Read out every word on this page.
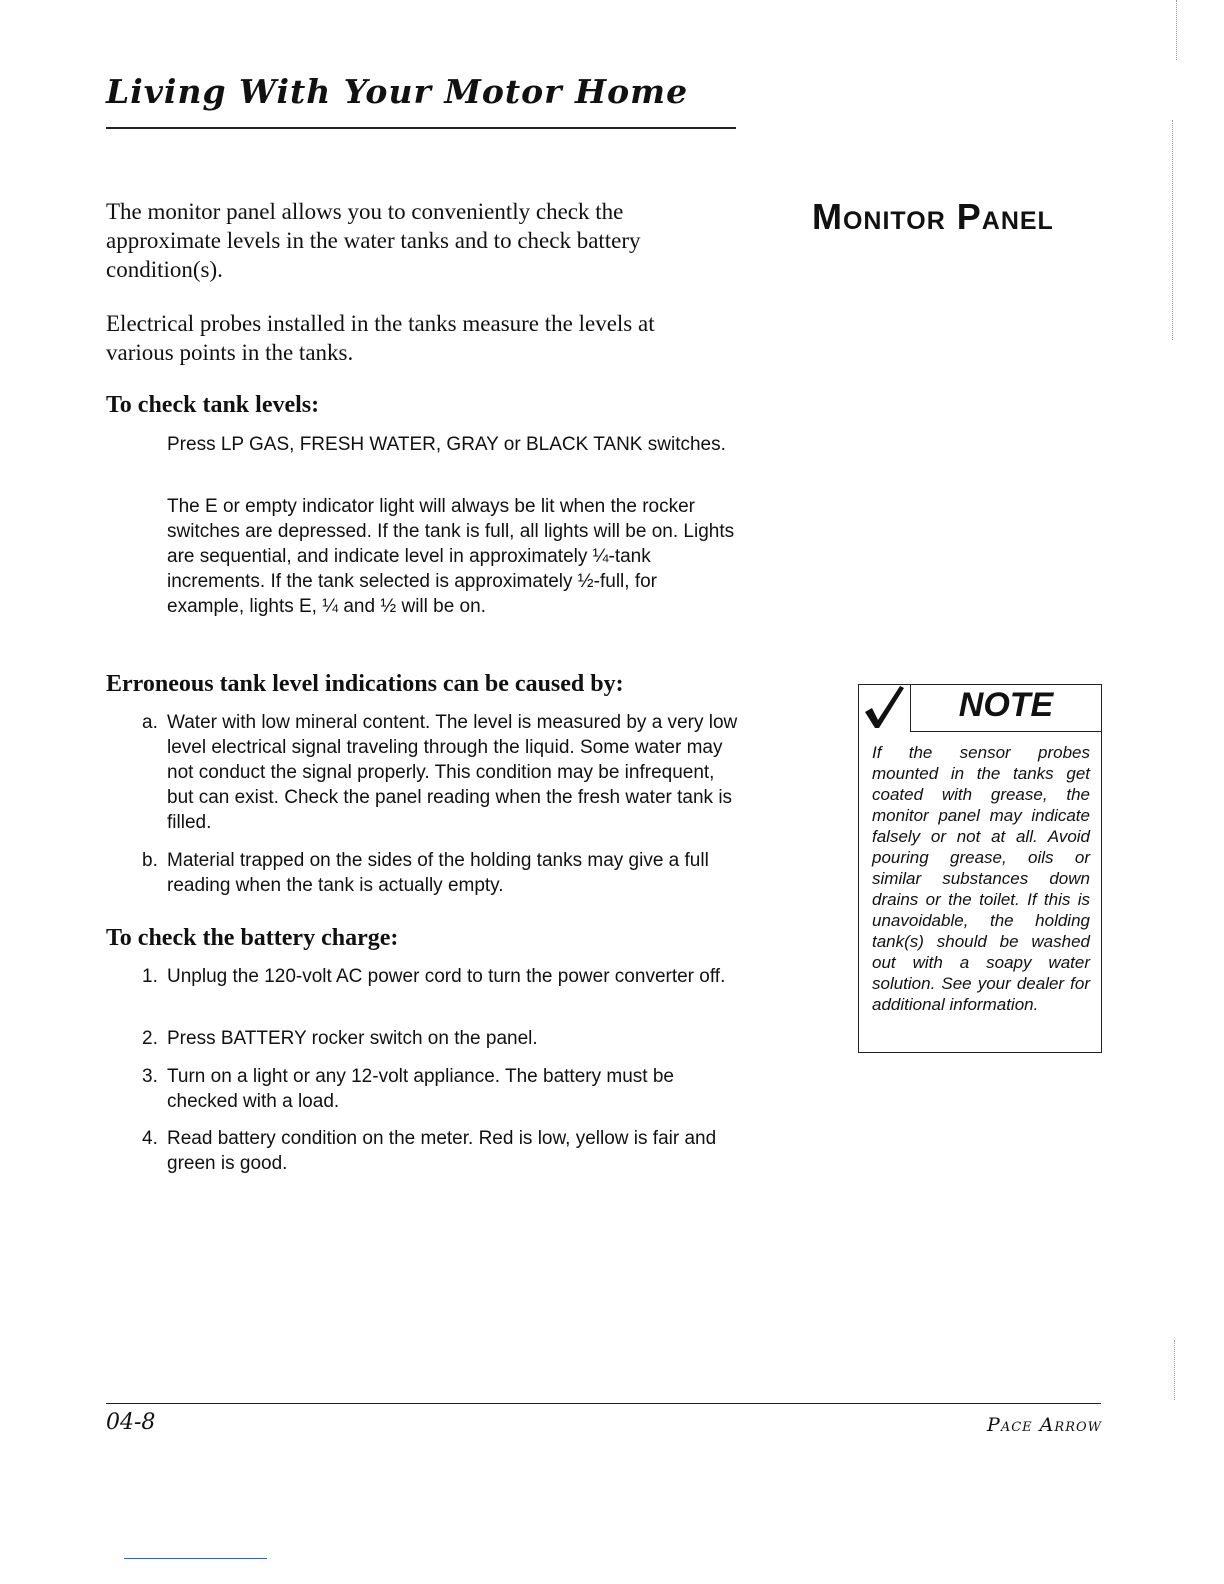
Living With Your Motor Home
Monitor Panel

The monitor panel allows you to conveniently check the approximate levels in the water tanks and to check battery condition(s).

Electrical probes installed in the tanks measure the levels at various points in the tanks.

To check tank levels:

Press LP GAS, FRESH WATER, GRAY or BLACK TANK switches.

The E or empty indicator light will always be lit when the rocker switches are depressed. If the tank is full, all lights will be on. Lights are sequential, and indicate level in approximately ¼-tank increments. If the tank selected is approximately ½-full, for example, lights E, ¼ and ½ will be on.

Erroneous tank level indications can be caused by:
a. Water with low mineral content. The level is measured by a very low level electrical signal traveling through the liquid. Some water may not conduct the signal properly. This condition may be infrequent, but can exist. Check the panel reading when the fresh water tank is filled.
b. Material trapped on the sides of the holding tanks may give a full reading when the tank is actually empty.
To check the battery charge:
1. Unplug the 120-volt AC power cord to turn the power converter off.
2. Press BATTERY rocker switch on the panel.
3. Turn on a light or any 12-volt appliance. The battery must be checked with a load.
4. Read battery condition on the meter. Red is low, yellow is fair and green is good.

NOTE

If the sensor probes mounted in the tanks get coated with grease, the monitor panel may indicate falsely or not at all. Avoid pouring grease, oils or similar substances down drains or the toilet. If this is unavoidable, the holding tank(s) should be washed out with a soapy water solution. See your dealer for additional information.

04-8	Pace Arrow
